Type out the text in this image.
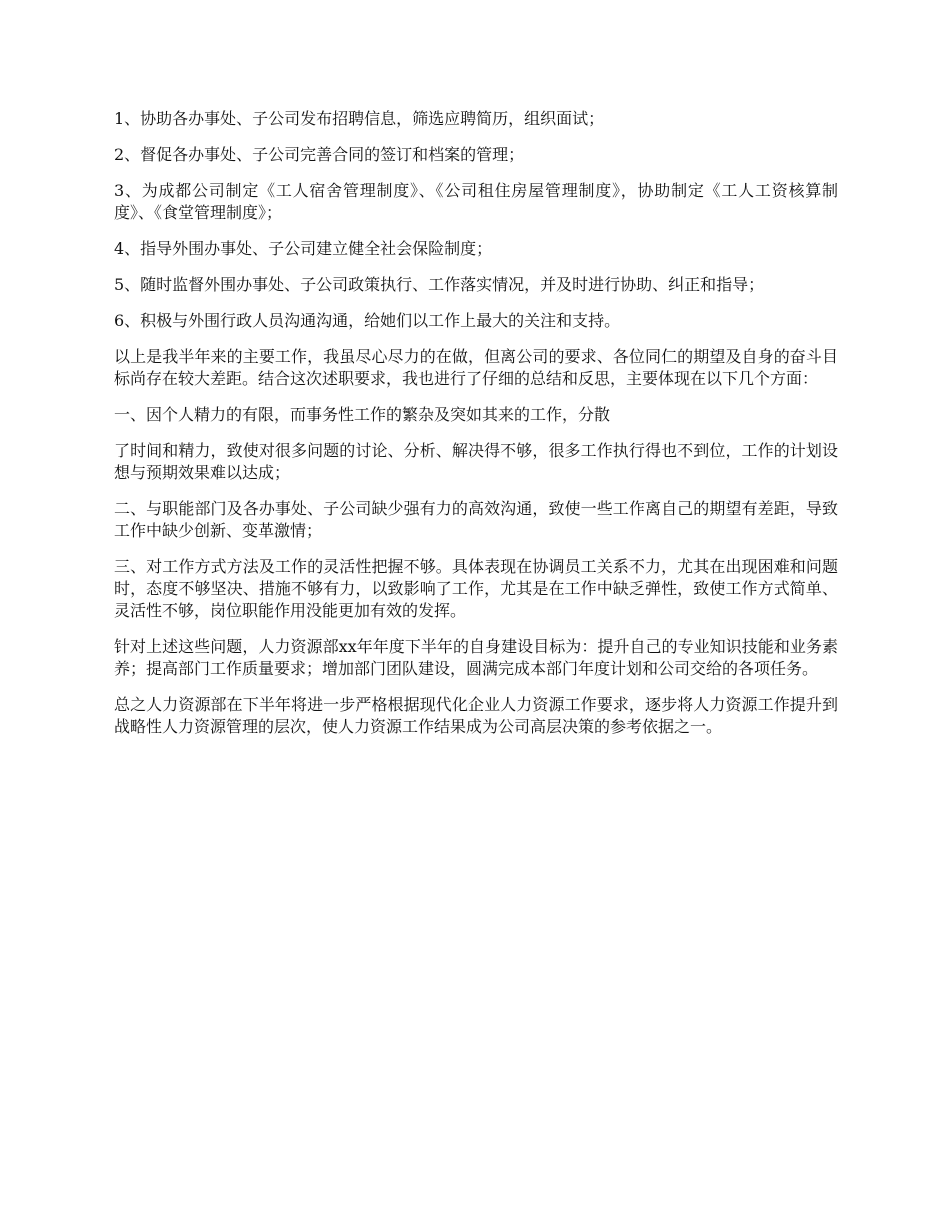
1、协助各办事处、子公司发布招聘信息，筛选应聘简历，组织面试；

2、督促各办事处、子公司完善合同的签订和档案的管理；

3、为成都公司制定《工人宿舍管理制度》、《公司租住房屋管理制度》，协助制定《工人工资核算制度》、《食堂管理制度》；

4、指导外围办事处、子公司建立健全社会保险制度；

5、随时监督外围办事处、子公司政策执行、工作落实情况，并及时进行协助、纠正和指导；

6、积极与外围行政人员沟通沟通，给她们以工作上最大的关注和支持。

以上是我半年来的主要工作，我虽尽心尽力的在做，但离公司的要求、各位同仁的期望及自身的奋斗目标尚存在较大差距。结合这次述职要求，我也进行了仔细的总结和反思，主要体现在以下几个方面：

一、因个人精力的有限，而事务性工作的繁杂及突如其来的工作，分散

了时间和精力，致使对很多问题的讨论、分析、解决得不够，很多工作执行得也不到位，工作的计划设想与预期效果难以达成；

二、与职能部门及各办事处、子公司缺少强有力的高效沟通，致使一些工作离自己的期望有差距，导致工作中缺少创新、变革激情；

三、对工作方式方法及工作的灵活性把握不够。具体表现在协调员工关系不力，尤其在出现困难和问题时，态度不够坚决、措施不够有力，以致影响了工作，尤其是在工作中缺乏弹性，致使工作方式简单、灵活性不够，岗位职能作用没能更加有效的发挥。

针对上述这些问题，人力资源部xx年年度下半年的自身建设目标为：提升自己的专业知识技能和业务素养；提高部门工作质量要求；增加部门团队建设，圆满完成本部门年度计划和公司交给的各项任务。

总之人力资源部在下半年将进一步严格根据现代化企业人力资源工作要求，逐步将人力资源工作提升到战略性人力资源管理的层次，使人力资源工作结果成为公司高层决策的参考依据之一。
